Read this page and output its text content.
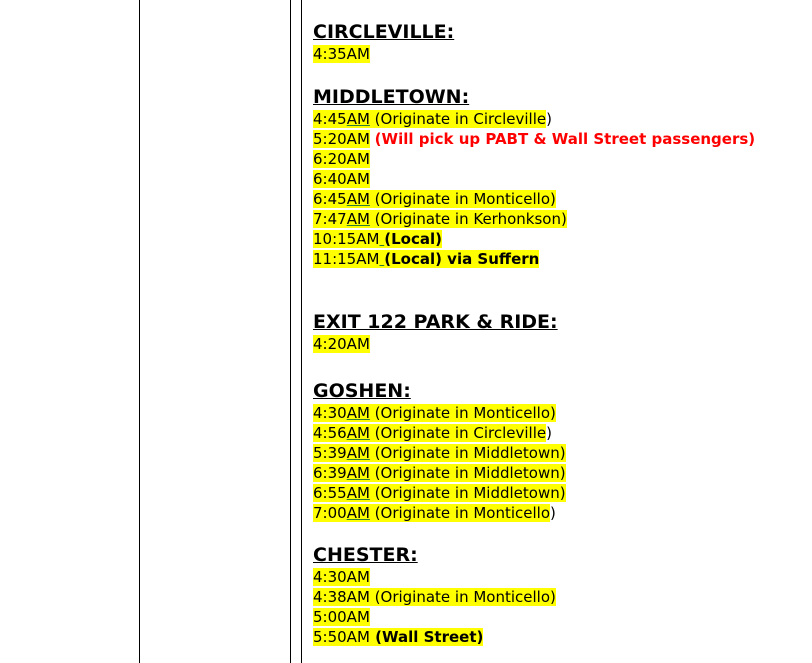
CIRCLEVILLE:
4:35AM
MIDDLETOWN:
4:45AM (Originate in Circleville)
5:20AM (Will pick up PABT & Wall Street passengers)
6:20AM
6:40AM
6:45AM (Originate in Monticello)
7:47AM (Originate in Kerhonkson)
10:15AM (Local)
11:15AM (Local) via Suffern
EXIT 122 PARK & RIDE:
4:20AM
GOSHEN:
4:30AM (Originate in Monticello)
4:56AM (Originate in Circleville)
5:39AM (Originate in Middletown)
6:39AM (Originate in Middletown)
6:55AM (Originate in Middletown)
7:00AM (Originate in Monticello)
CHESTER:
4:30AM
4:38AM (Originate in Monticello)
5:00AM
5:50AM (Wall Street)
